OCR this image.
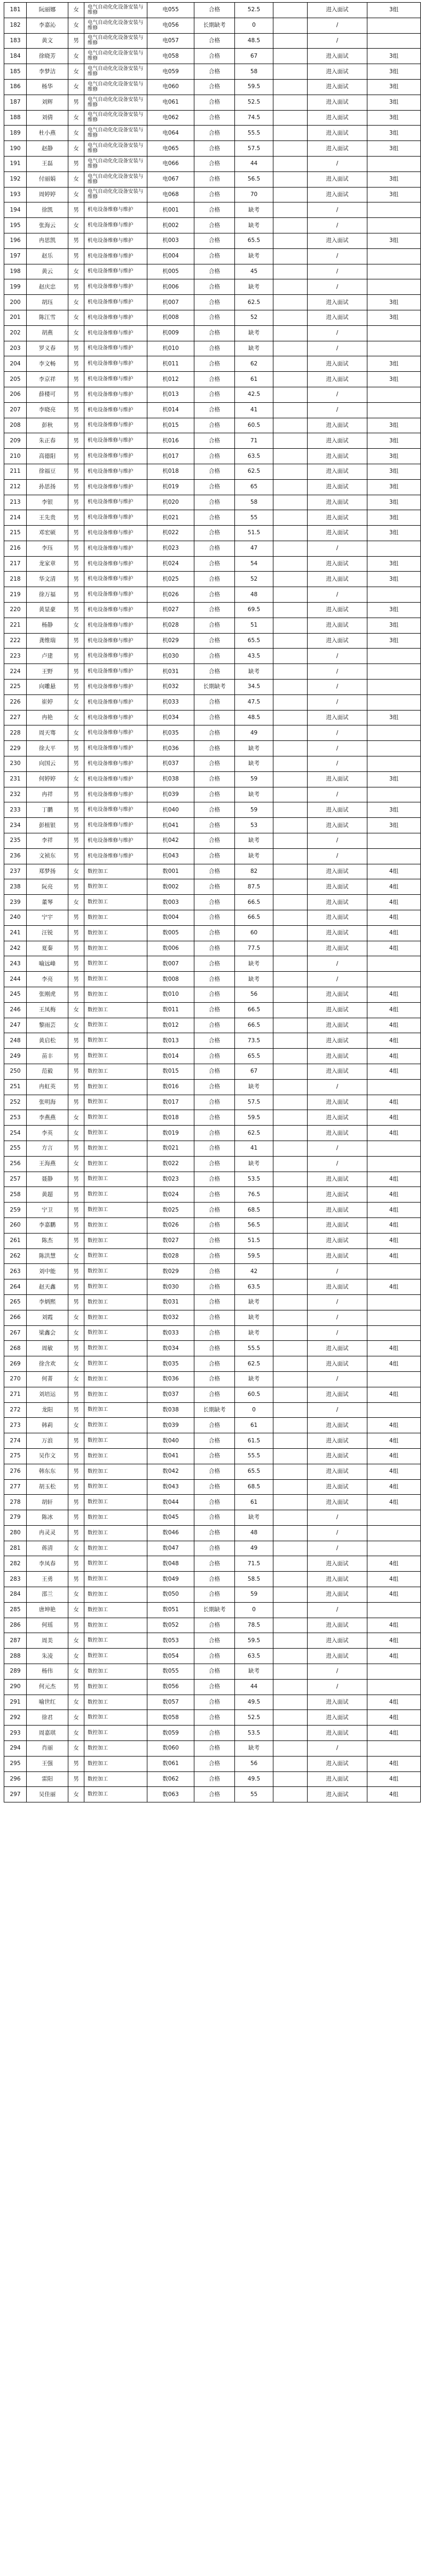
181	阮丽娜	女	电气自动化化设备安装与维修	电055	合格	52.5		进入面试	3组
182	李嘉沁	女	电气自动化化设备安装与维修	电056	长期缺考	0		/	
183	黄文	男	电气自动化化设备安装与维修	电057	合格	48.5		/	
184	徐晓芳	女	电气自动化化设备安装与维修	电058	合格	67		进入面试	3组
185	李梦洁	女	电气自动化化设备安装与维修	电059	合格	58		进入面试	3组
186	杨华	女	电气自动化化设备安装与维修	电060	合格	59.5		进入面试	3组
187	刘辉	男	电气自动化化设备安装与维修	电061	合格	52.5		进入面试	3组
188	刘倩	女	电气自动化化设备安装与维修	电062	合格	74.5		进入面试	3组
189	杜小燕	女	电气自动化化设备安装与维修	电064	合格	55.5		进入面试	3组
190	赵静	女	电气自动化化设备安装与维修	电065	合格	57.5		进入面试	3组
191	王磊	男	电气自动化化设备安装与维修	电066	合格	44		/	
192	付丽娟	女	电气自动化化设备安装与维修	电067	合格	56.5		进入面试	3组
193	周婷婷	女	电气自动化化设备安装与维修	电068	合格	70		进入面试	3组
194	徐凯	男	机电设备维修与维护	机001	合格	缺考		/	
195	张海云	女	机电设备维修与维护	机002	合格	缺考		/	
196	冉思凯	男	机电设备维修与维护	机003	合格	65.5		进入面试	3组
197	赵乐	男	机电设备维修与维护	机004	合格	缺考		/	
198	黄云	女	机电设备维修与维护	机005	合格	45		/	
199	赵庆忠	男	机电设备维修与维护	机006	合格	缺考		/	
200	胡珏	女	机电设备维修与维护	机007	合格	62.5		进入面试	3组
201	陈江雪	女	机电设备维修与维护	机008	合格	52		进入面试	3组
202	胡燕	女	机电设备维修与维护	机009	合格	缺考		/	
203	罗义春	男	机电设备维修与维护	机010	合格	缺考		/	
204	李文畅	男	机电设备维修与维护	机011	合格	62		进入面试	3组
205	李京祥	男	机电设备维修与维护	机012	合格	61		进入面试	3组
206	薛楼可	男	机电设备维修与维护	机013	合格	42.5		/	
207	李晓亮	男	机电设备维修与维护	机014	合格	41		/	
208	彭秋	男	机电设备维修与维护	机015	合格	60.5		进入面试	3组
209	朱正春	男	机电设备维修与维护	机016	合格	71		进入面试	3组
210	高德阳	男	机电设备维修与维护	机017	合格	63.5		进入面试	3组
211	徐福豆	男	机电设备维修与维护	机018	合格	62.5		进入面试	3组
212	孙思扬	男	机电设备维修与维护	机019	合格	65		进入面试	3组
213	李银	男	机电设备维修与维护	机020	合格	58		进入面试	3组
214	王先贵	男	机电设备维修与维护	机021	合格	55		进入面试	3组
215	邓宏硕	男	机电设备维修与维护	机022	合格	51.5		进入面试	3组
216	李珏	男	机电设备维修与维护	机023	合格	47		/	
217	龙家章	男	机电设备维修与维护	机024	合格	54		进入面试	3组
218	华文清	男	机电设备维修与维护	机025	合格	52		进入面试	3组
219	徐万福	男	机电设备维修与维护	机026	合格	48		/	
220	黄显豪	男	机电设备维修与维护	机027	合格	69.5		进入面试	3组
221	杨静	女	机电设备维修与维护	机028	合格	51		进入面试	3组
222	龚维瑞	男	机电设备维修与维护	机029	合格	65.5		进入面试	3组
223	卢建	男	机电设备维修与维护	机030	合格	43.5		/	
224	王野	男	机电设备维修与维护	机031	合格	缺考		/	
225	向雕悬	男	机电设备维修与维护	机032	长期缺考	34.5		/	
226	崔婷	女	机电设备维修与维护	机033	合格	47.5		/	
227	冉艳	女	机电设备维修与维护	机034	合格	48.5		进入面试	3组
228	周天骞	女	机电设备维修与维护	机035	合格	49		/	
229	徐大平	男	机电设备维修与维护	机036	合格	缺考		/	
230	向国云	男	机电设备维修与维护	机037	合格	缺考		/	
231	何婷婷	女	机电设备维修与维护	机038	合格	59		进入面试	3组
232	冉祥	男	机电设备维修与维护	机039	合格	缺考		/	
233	丁鹏	男	机电设备维修与维护	机040	合格	59		进入面试	3组
234	彭植银	男	机电设备维修与维护	机041	合格	53		进入面试	3组
235	李祥	男	机电设备维修与维护	机042	合格	缺考		/	
236	文祯东	男	机电设备维修与维护	机043	合格	缺考		/	
237	郑梦扬	女	数控加工	数001	合格	82		进入面试	4组
238	阮亮	男	数控加工	数002	合格	87.5		进入面试	4组
239	董琴	女	数控加工	数003	合格	66.5		进入面试	4组
240	宁宇	男	数控加工	数004	合格	66.5		进入面试	4组
241	汪锐	男	数控加工	数005	合格	60		进入面试	4组
242	夏秦	男	数控加工	数006	合格	77.5		进入面试	4组
243	喻远峰	男	数控加工	数007	合格	缺考		/	
244	李亮	男	数控加工	数008	合格	缺考		/	
245	张刚虎	男	数控加工	数010	合格	56		进入面试	4组
246	王凤梅	女	数控加工	数011	合格	66.5		进入面试	4组
247	黎雨芸	女	数控加工	数012	合格	66.5		进入面试	4组
248	黄启松	男	数控加工	数013	合格	73.5		进入面试	4组
249	苗丰	男	数控加工	数014	合格	65.5		进入面试	4组
250	范毅	男	数控加工	数015	合格	67		进入面试	4组
251	冉虹英	男	数控加工	数016	合格	缺考		/	
252	张明海	男	数控加工	数017	合格	57.5		进入面试	4组
253	李燕燕	女	数控加工	数018	合格	59.5		进入面试	4组
254	李英	女	数控加工	数019	合格	62.5		进入面试	4组
255	方言	男	数控加工	数021	合格	41		/	
256	王海燕	女	数控加工	数022	合格	缺考		/	
257	聂静	男	数控加工	数023	合格	53.5		进入面试	4组
258	黄超	男	数控加工	数024	合格	76.5		进入面试	4组
259	宁卫	男	数控加工	数025	合格	68.5		进入面试	4组
260	李嘉鹏	男	数控加工	数026	合格	56.5		进入面试	4组
261	陈杰	男	数控加工	数027	合格	51.5		进入面试	4组
262	陈洪慧	女	数控加工	数028	合格	59.5		进入面试	4组
263	刘中能	男	数控加工	数029	合格	42		/	
264	赵天鑫	男	数控加工	数030	合格	63.5		进入面试	4组
265	李炳熙	男	数控加工	数031	合格	缺考		/	
266	刘霞	女	数控加工	数032	合格	缺考		/	
267	梁鑫会	女	数控加工	数033	合格	缺考		/	
268	周敏	男	数控加工	数034	合格	55.5		进入面试	4组
269	徐含欢	女	数控加工	数035	合格	62.5		进入面试	4组
270	何菁	女	数控加工	数036	合格	缺考		/	
271	刘培运	男	数控加工	数037	合格	60.5		进入面试	4组
272	龙阳	男	数控加工	数038	长期缺考	0		/	
273	韩莉	女	数控加工	数039	合格	61		进入面试	4组
274	万浪	男	数控加工	数040	合格	61.5		进入面试	4组
275	吴作文	男	数控加工	数041	合格	55.5		进入面试	4组
276	韩东东	男	数控加工	数042	合格	65.5		进入面试	4组
277	胡玉松	男	数控加工	数043	合格	68.5		进入面试	4组
278	胡轩	男	数控加工	数044	合格	61		进入面试	4组
279	陈冰	男	数控加工	数045	合格	缺考		/	
280	冉灵灵	男	数控加工	数046	合格	48		/	
281	蒋清	女	数控加工	数047	合格	49		/	
282	李凤春	男	数控加工	数048	合格	71.5		进入面试	4组
283	王勇	男	数控加工	数049	合格	58.5		进入面试	4组
284	邵兰	女	数控加工	数050	合格	59		进入面试	4组
285	唐坤艳	女	数控加工	数051	长期缺考	0		/	
286	何瑶	男	数控加工	数052	合格	78.5		进入面试	4组
287	周美	女	数控加工	数053	合格	59.5		进入面试	4组
288	朱凌	女	数控加工	数054	合格	63.5		进入面试	4组
289	杨伟	女	数控加工	数055	合格	缺考		/	
290	何元杰	男	数控加工	数056	合格	44		/	
291	喻世红	女	数控加工	数057	合格	49.5		进入面试	4组
292	徐君	女	数控加工	数058	合格	52.5		进入面试	4组
293	周嘉琪	女	数控加工	数059	合格	53.5		进入面试	4组
294	肖丽	女	数控加工	数060	合格	缺考		/	
295	王强	男	数控加工	数061	合格	56		进入面试	4组
296	雷阳	男	数控加工	数062	合格	49.5		进入面试	4组
297	吴佳丽	女	数控加工	数063	合格	55		进入面试	4组
